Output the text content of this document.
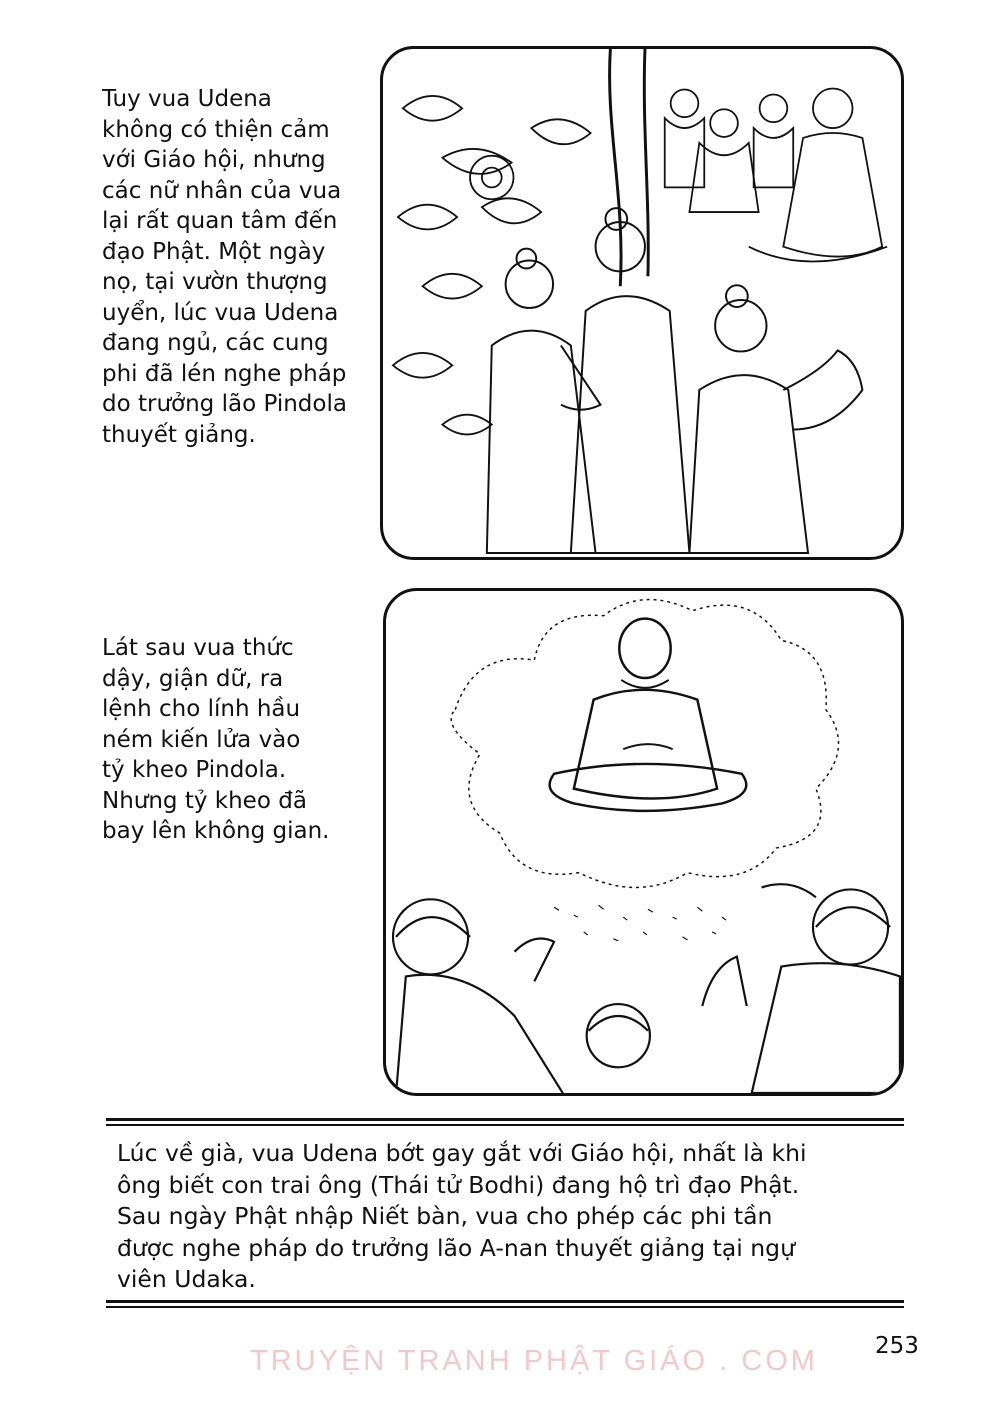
Tuy vua Udena
không có thiện cảm
với Giáo hội, nhưng
các nữ nhân của vua
lại rất quan tâm đến
đạo Phật. Một ngày
nọ, tại vườn thượng
uyển, lúc vua Udena
đang ngủ, các cung
phi đã lén nghe pháp
do trưởng lão Pindola
thuyết giảng.
Lát sau vua thức
dậy, giận dữ, ra
lệnh cho lính hầu
ném kiến lửa vào
tỷ kheo Pindola.
Nhưng tỷ kheo đã
bay lên không gian.
Lúc về già, vua Udena bớt gay gắt với Giáo hội, nhất là khi
ông biết con trai ông (Thái tử Bodhi) đang hộ trì đạo Phật.
Sau ngày Phật nhập Niết bàn, vua cho phép các phi tần
được nghe pháp do trưởng lão A-nan thuyết giảng tại ngự
viên Udaka.
253
TRUYỆN TRANH PHẬT GIÁO . COM
